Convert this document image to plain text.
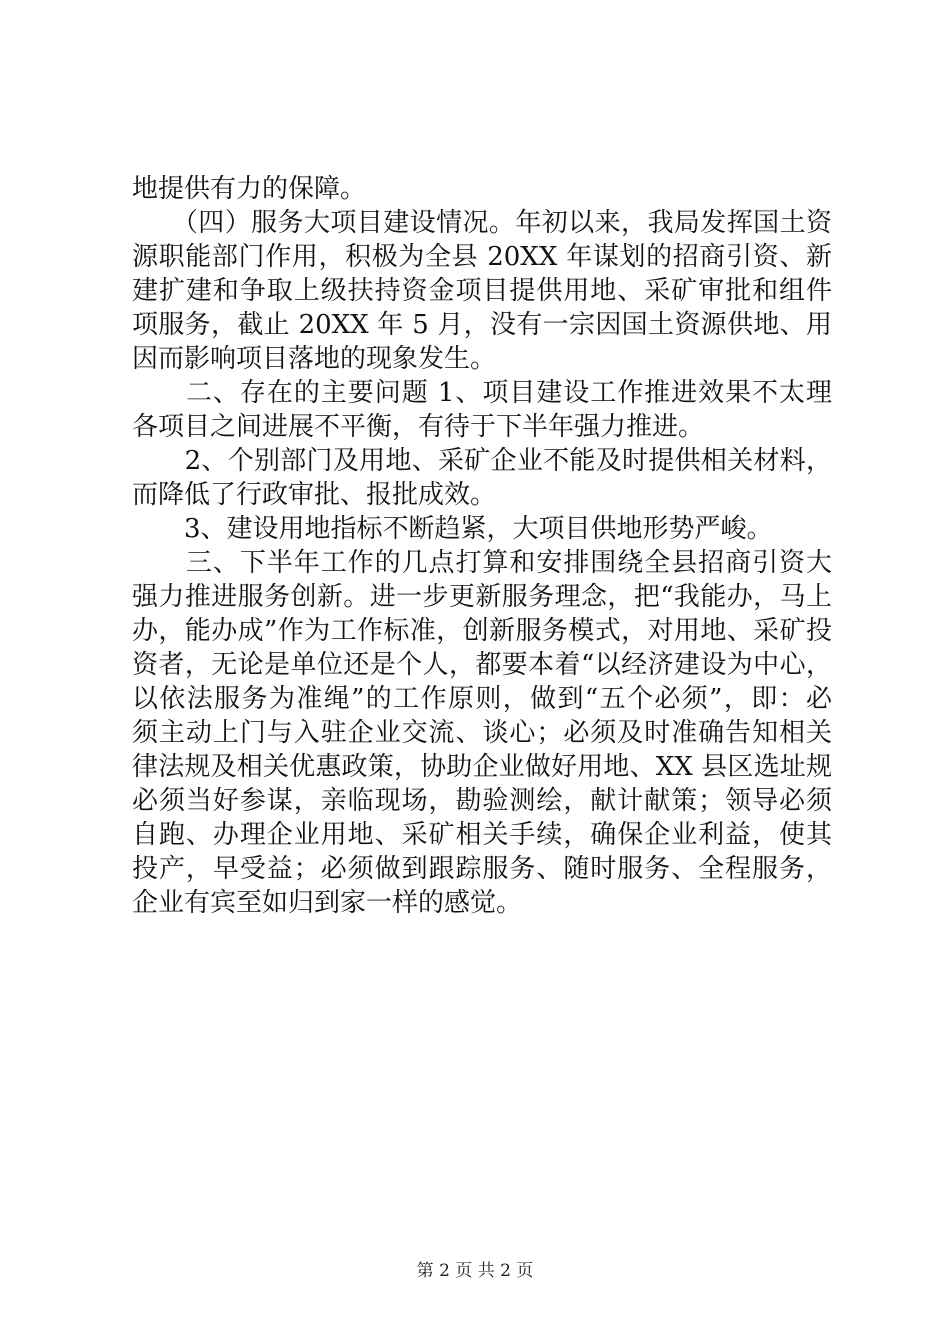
地提供有力的保障。
　　（四）服务大项目建设情况。年初以来，我局发挥国土资
源职能部门作用，积极为全县 20XX 年谋划的招商引资、新
建扩建和争取上级扶持资金项目提供用地、采矿审批和组件
项服务，截止 20XX 年 5 月，没有一宗因国土资源供地、用
因而影响项目落地的现象发生。
　　二、存在的主要问题 1、项目建设工作推进效果不太理
各项目之间进展不平衡，有待于下半年强力推进。
　　2、个别部门及用地、采矿企业不能及时提供相关材料，
而降低了行政审批、报批成效。
　　3、建设用地指标不断趋紧，大项目供地形势严峻。
　　三、下半年工作的几点打算和安排围绕全县招商引资大
强力推进服务创新。进一步更新服务理念，把“我能办，马上
办，能办成”作为工作标准，创新服务模式，对用地、采矿投
资者，无论是单位还是个人，都要本着“以经济建设为中心，
以依法服务为准绳”的工作原则，做到“五个必须”，即：必
须主动上门与入驻企业交流、谈心；必须及时准确告知相关
律法规及相关优惠政策，协助企业做好用地、XX 县区选址规
必须当好参谋，亲临现场，勘验测绘，献计献策；领导必须
自跑、办理企业用地、采矿相关手续，确保企业利益，使其
投产，早受益；必须做到跟踪服务、随时服务、全程服务，
企业有宾至如归到家一样的感觉。
第 2 页 共 2 页
